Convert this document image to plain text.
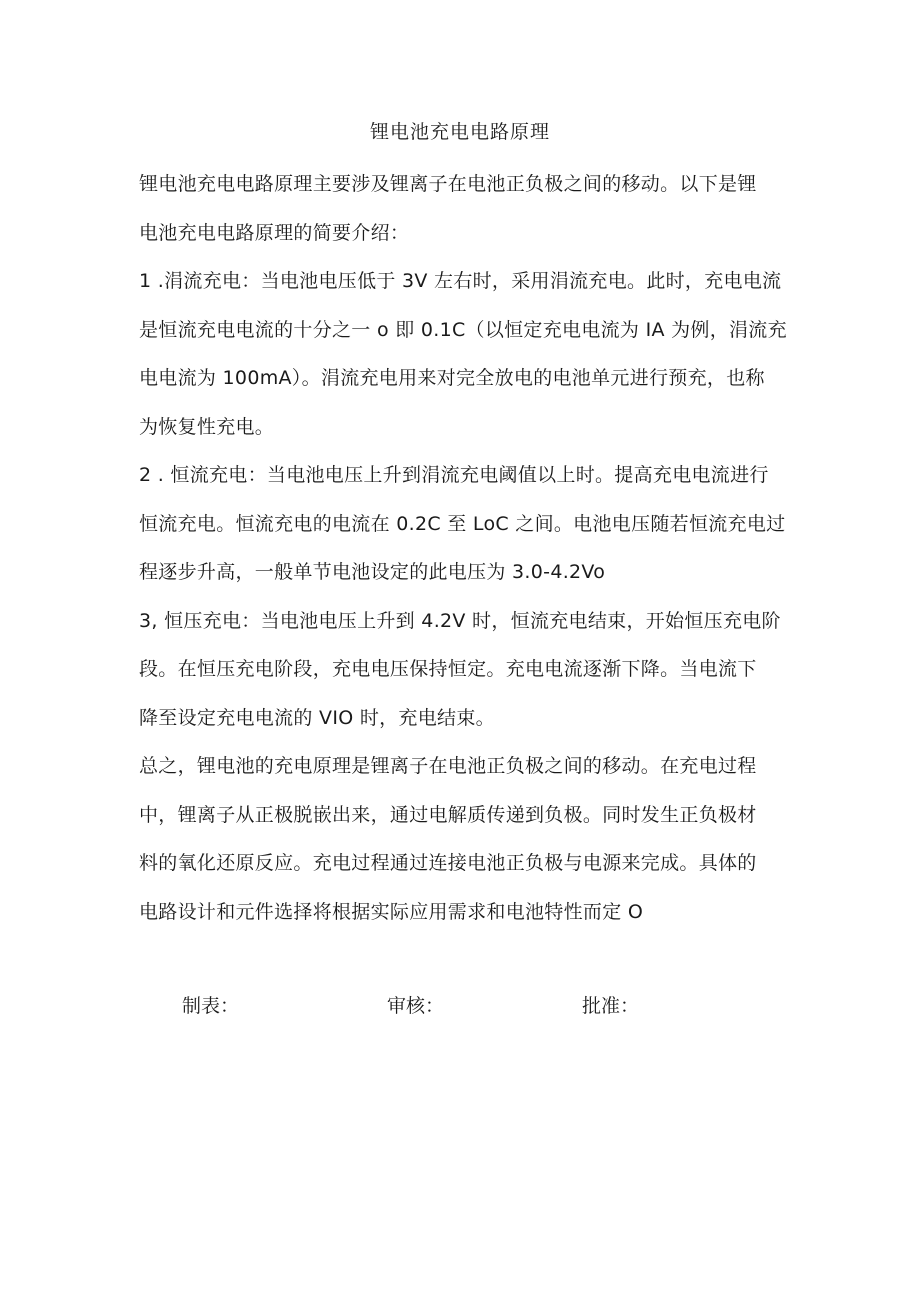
锂电池充电电路原理

锂电池充电电路原理主要涉及锂离子在电池正负极之间的移动。以下是锂
电池充电电路原理的简要介绍：

1 .涓流充电：当电池电压低于 3V 左右时，采用涓流充电。此时，充电电流
是恒流充电电流的十分之一 o 即 0.1C（以恒定充电电流为 IA 为例，涓流充
电电流为 100mA）。涓流充电用来对完全放电的电池单元进行预充，也称
为恢复性充电。

2 . 恒流充电：当电池电压上升到涓流充电阈值以上时。提高充电电流进行
恒流充电。恒流充电的电流在 0.2C 至 LoC 之间。电池电压随若恒流充电过
程逐步升高，一般单节电池设定的此电压为 3.0-4.2Vo

3, 恒压充电：当电池电压上升到 4.2V 时，恒流充电结束，开始恒压充电阶
段。在恒压充电阶段，充电电压保持恒定。充电电流逐渐下降。当电流下
降至设定充电电流的 VIO 时，充电结束。

总之，锂电池的充电原理是锂离子在电池正负极之间的移动。在充电过程
中，锂离子从正极脱嵌出来，通过电解质传递到负极。同时发生正负极材
料的氧化还原反应。充电过程通过连接电池正负极与电源来完成。具体的
电路设计和元件选择将根据实际应用需求和电池特性而定 O

制表：	审核：	批准：
